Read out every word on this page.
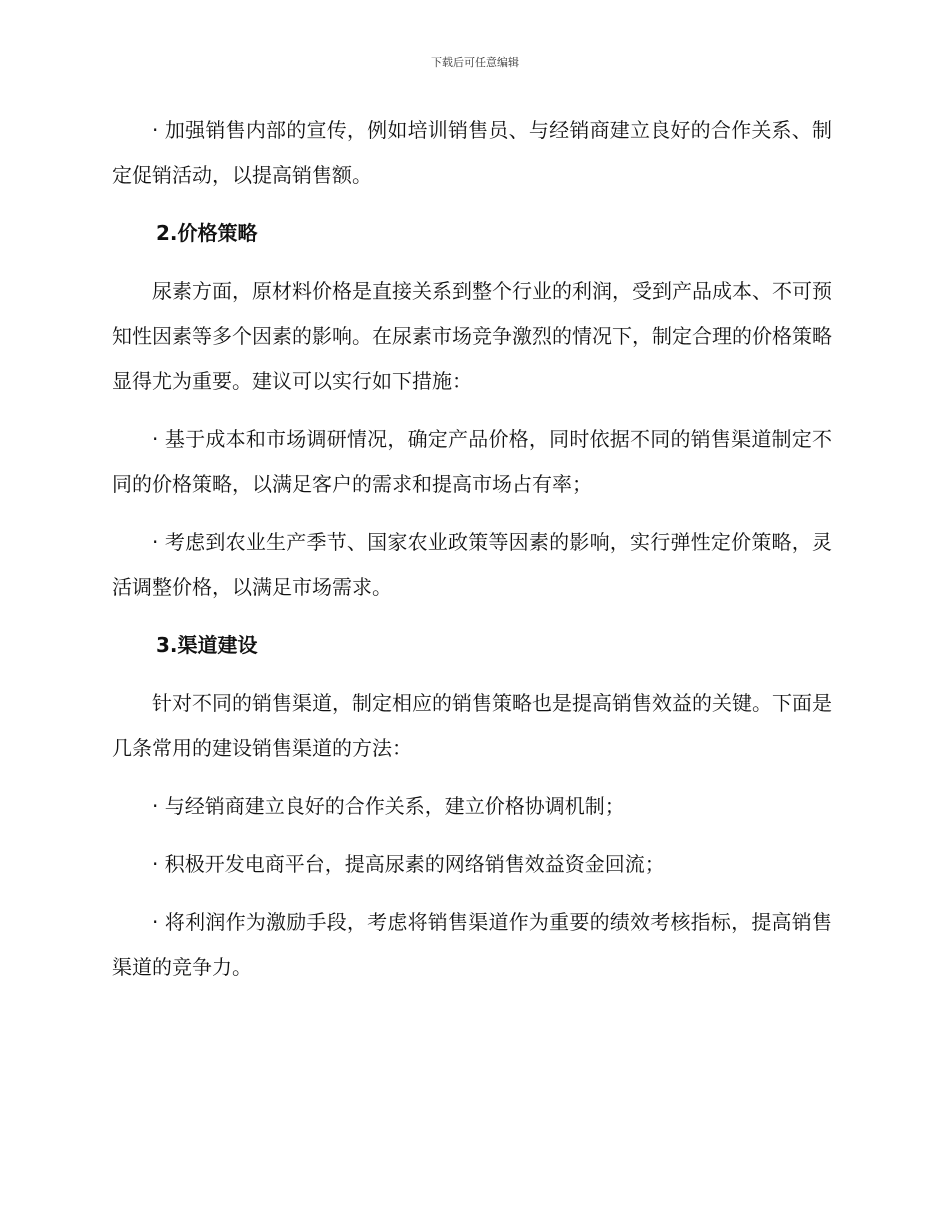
下载后可任意编辑

· 加强销售内部的宣传，例如培训销售员、与经销商建立良好的合作关系、制定促销活动，以提高销售额。

2.价格策略

尿素方面，原材料价格是直接关系到整个行业的利润，受到产品成本、不可预知性因素等多个因素的影响。在尿素市场竞争激烈的情况下，制定合理的价格策略显得尤为重要。建议可以实行如下措施：

· 基于成本和市场调研情况，确定产品价格，同时依据不同的销售渠道制定不同的价格策略，以满足客户的需求和提高市场占有率；

· 考虑到农业生产季节、国家农业政策等因素的影响，实行弹性定价策略，灵活调整价格，以满足市场需求。

3.渠道建设

针对不同的销售渠道，制定相应的销售策略也是提高销售效益的关键。下面是几条常用的建设销售渠道的方法：

· 与经销商建立良好的合作关系，建立价格协调机制；

· 积极开发电商平台，提高尿素的网络销售效益资金回流；

· 将利润作为激励手段，考虑将销售渠道作为重要的绩效考核指标，提高销售渠道的竞争力。
